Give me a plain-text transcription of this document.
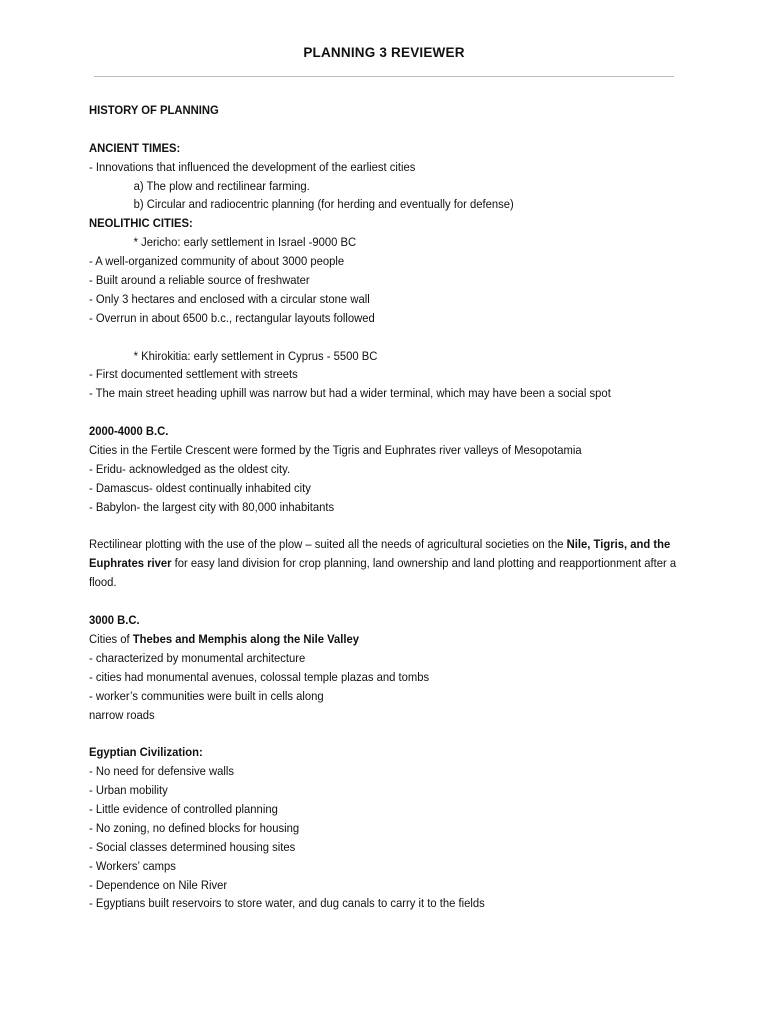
PLANNING 3 REVIEWER
HISTORY OF PLANNING
ANCIENT TIMES:
- Innovations that influenced the development of the earliest cities
a) The plow and rectilinear farming.
b) Circular and radiocentric planning (for herding and eventually for defense)
NEOLITHIC CITIES:
* Jericho: early settlement in Israel -9000 BC
- A well-organized community of about 3000 people
- Built around a reliable source of freshwater
- Only 3 hectares and enclosed with a circular stone wall
- Overrun in about 6500 b.c., rectangular layouts followed
* Khirokitia: early settlement in Cyprus - 5500 BC
- First documented settlement with streets
- The main street heading uphill was narrow but had a wider terminal, which may have been a social spot
2000-4000 B.C.
Cities in the Fertile Crescent were formed by the Tigris and Euphrates river valleys of Mesopotamia
- Eridu- acknowledged as the oldest city.
- Damascus- oldest continually inhabited city
- Babylon- the largest city with 80,000 inhabitants
Rectilinear plotting with the use of the plow – suited all the needs of agricultural societies on the Nile, Tigris, and the Euphrates river for easy land division for crop planning, land ownership and land plotting and reapportionment after a flood.
3000 B.C.
Cities of Thebes and Memphis along the Nile Valley
- characterized by monumental architecture
- cities had monumental avenues, colossal temple plazas and tombs
- worker’s communities were built in cells along
narrow roads
Egyptian Civilization:
- No need for defensive walls
- Urban mobility
- Little evidence of controlled planning
- No zoning, no defined blocks for housing
- Social classes determined housing sites
- Workers’ camps
- Dependence on Nile River
- Egyptians built reservoirs to store water, and dug canals to carry it to the fields
